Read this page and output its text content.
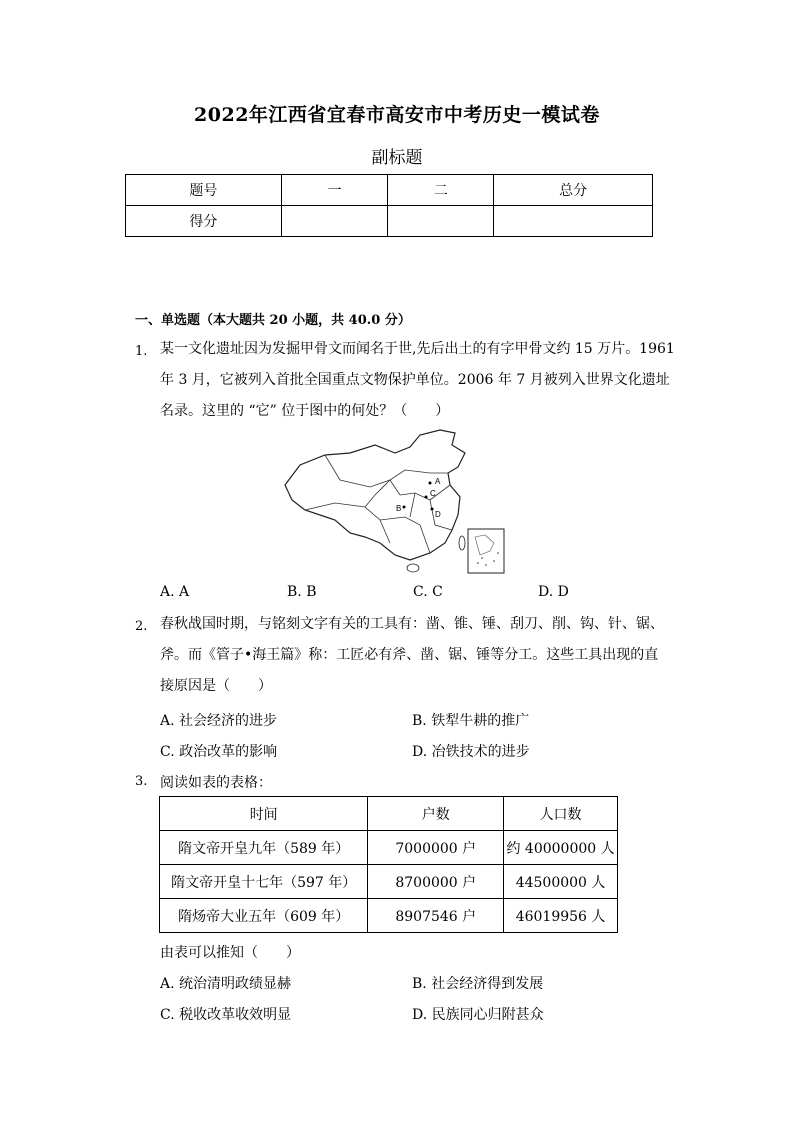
2022年江西省宜春市高安市中考历史一模试卷
副标题
题号	一	二	总分
得分			
一、单选题（本大题共 20 小题，共 40.0 分）
1. 某一文化遗址因为发掘甲骨文而闻名于世,先后出土的有字甲骨文约 15 万片。1961
年 3 月，它被列入首批全国重点文物保护单位。2006 年 7 月被列入世界文化遗址
名录。这里的 “它” 位于图中的何处？（　　）
A
B
C
D
A. A	B. B	C. C	D. D
2. 春秋战国时期，与铭刻文字有关的工具有：凿、锥、锤、刮刀、削、钩、针、锯、
斧。而《管子•海王篇》称：工匠必有斧、凿、锯、锤等分工。这些工具出现的直
接原因是（　　）
A. 社会经济的进步	B. 铁犁牛耕的推广
C. 政治改革的影响	D. 冶铁技术的进步
3. 阅读如表的表格：
时间	户数	人口数
隋文帝开皇九年（589 年）	7000000 户	约 40000000 人
隋文帝开皇十七年（597 年）	8700000 户	44500000 人
隋炀帝大业五年（609 年）	8907546 户	46019956 人
由表可以推知（　　）
A. 统治清明政绩显赫	B. 社会经济得到发展
C. 税收改革收效明显	D. 民族同心归附甚众
